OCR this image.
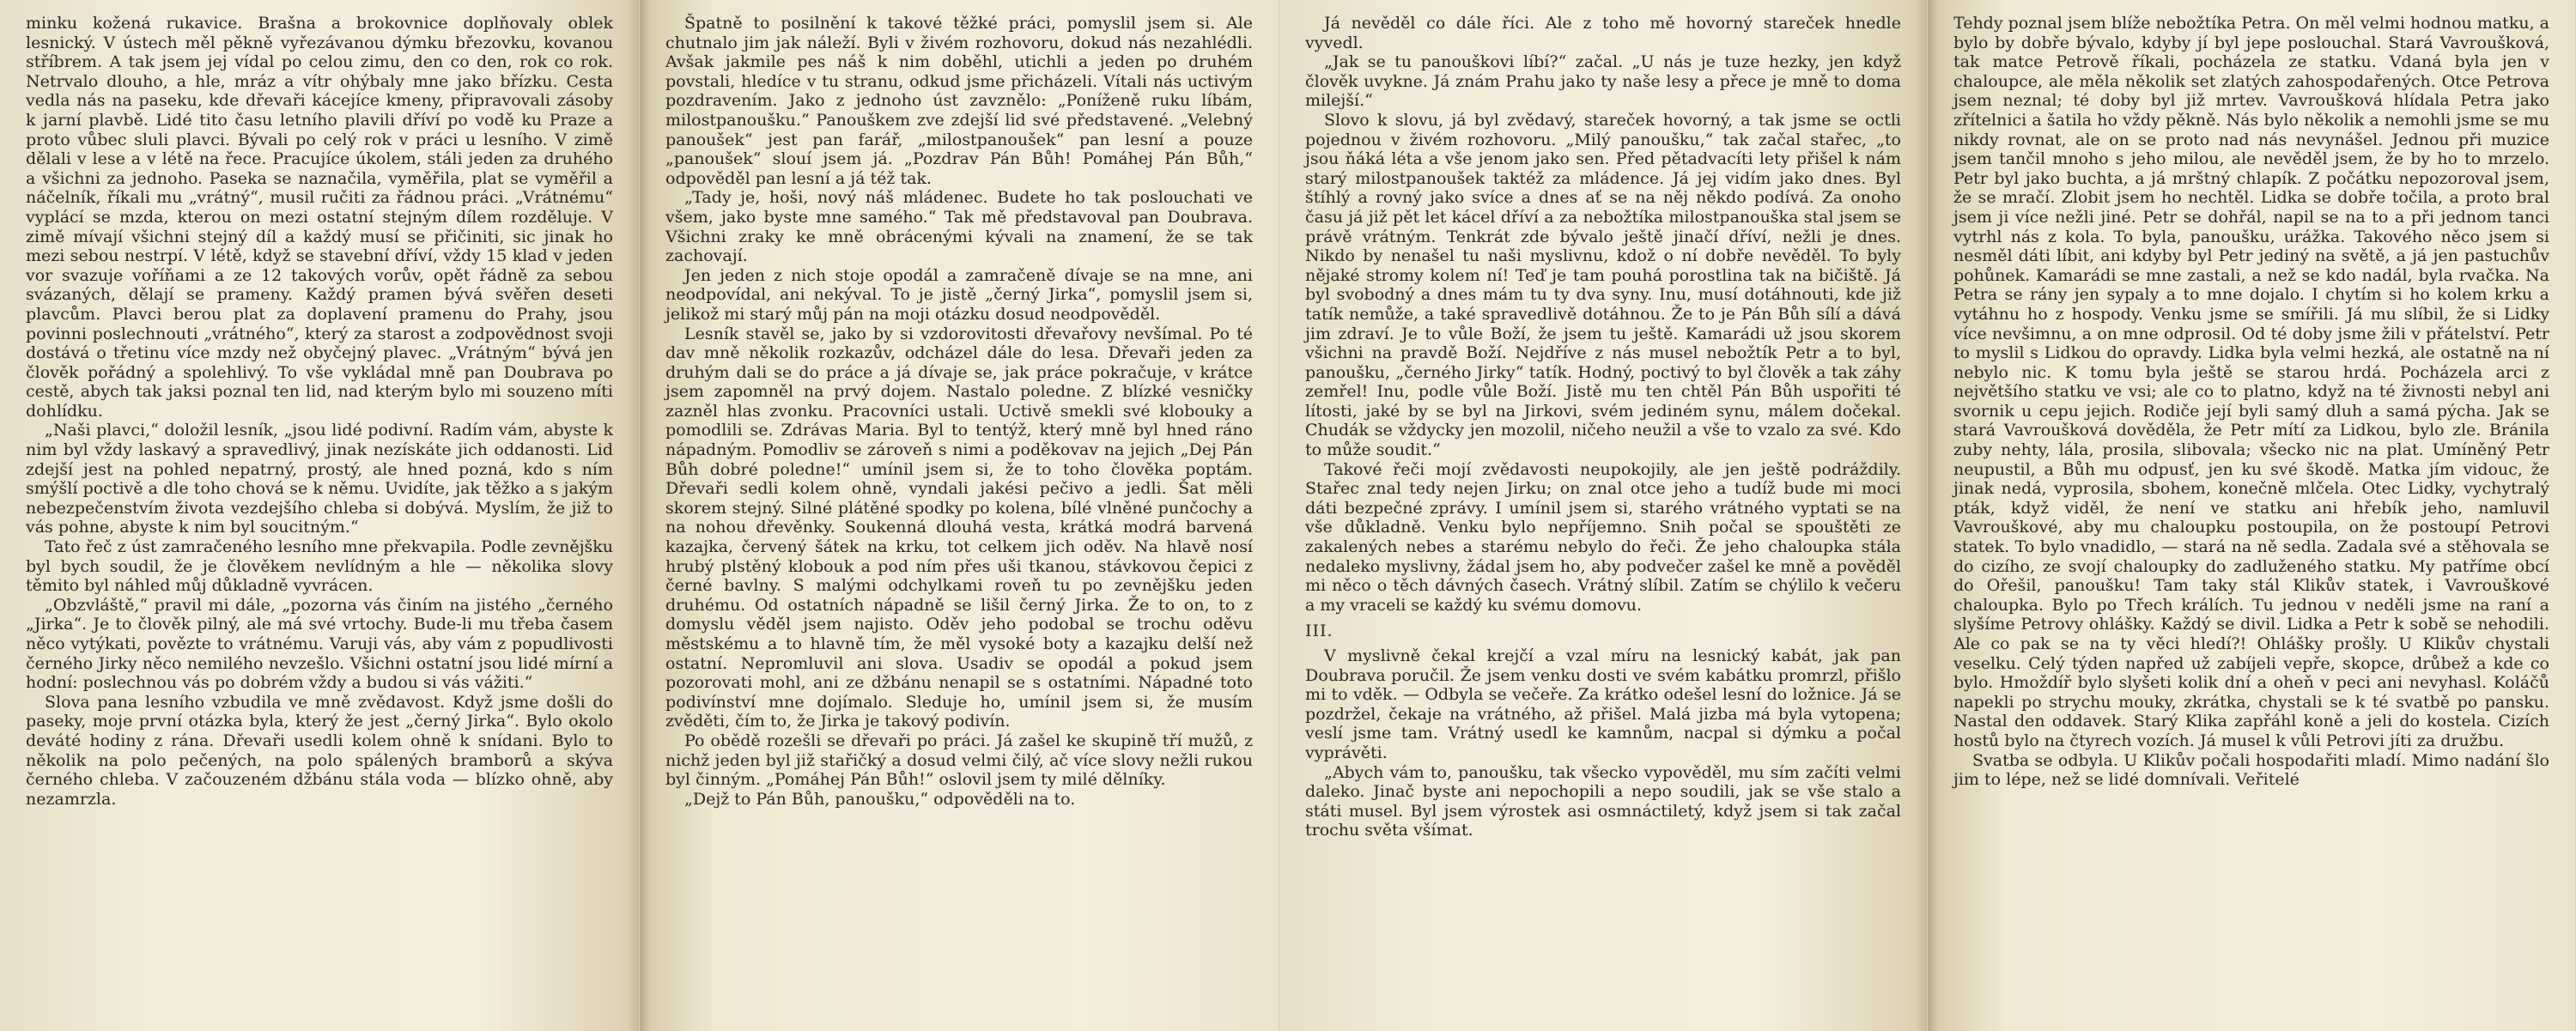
minku kožená rukavice. Brašna a brokovnice doplňovaly oblek lesnický. V ústech měl pěkně vyřezávanou dýmku březovku, kovanou stříbrem. A tak jsem jej vídal po celou zimu, den co den, rok co rok. Netrvalo dlouho, a hle, mráz a vítr ohýbaly mne jako břízku. Cesta vedla nás na paseku, kde dřevaři kácejíce kmeny, připravovali zásoby k jarní plavbě. Lidé tito času letního plavili dříví po vodě ku Praze a proto vůbec sluli plavci. Bývali po celý rok v práci u lesního. V zimě dělali v lese a v létě na řece. Pracujíce úkolem, stáli jeden za druhého a všichni za jednoho. Paseka se naznačila, vyměřila, plat se vyměřil a náčelník, říkali mu „vrátný“, musil ručiti za řádnou práci. „Vrátnému“ vyplácí se mzda, kterou on mezi ostatní stejným dílem rozděluje. V zimě mívají všichni stejný díl a každý musí se přičiniti, sic jinak ho mezi sebou nestrpí. V létě, když se stavební dříví, vždy 15 klad v jeden vor svazuje voříňami a ze 12 takových vorův, opět řádně za sebou svázaných, dělají se prameny. Každý pramen bývá svěřen deseti plavcům. Plavci berou plat za doplavení pramenu do Prahy, jsou povinni poslechnouti „vrátného“, který za starost a zodpovědnost svoji dostává o třetinu více mzdy než obyčejný plavec. „Vrátným“ bývá jen člověk pořádný a spolehlivý. To vše vykládal mně pan Doubrava po cestě, abych tak jaksi poznal ten lid, nad kterým bylo mi souzeno míti dohlídku.

„Naši plavci,“ doložil lesník, „jsou lidé podivní. Radím vám, abyste k nim byl vždy laskavý a spravedlivý, jinak nezískáte jich oddanosti. Lid zdejší jest na pohled nepatrný, prostý, ale hned pozná, kdo s ním smýšlí poctivě a dle toho chová se k němu. Uvidíte, jak těžko a s jakým nebezpečenstvím života vezdejšího chleba si dobývá. Myslím, že již to vás pohne, abyste k nim byl soucitným.“

Tato řeč z úst zamračeného lesního mne překvapila. Podle zevnějšku byl bych soudil, že je člověkem nevlídným a hle — několika slovy těmito byl náhled můj důkladně vyvrácen.

„Obzvláště,“ pravil mi dále, „pozorna vás činím na jistého „černého „Jirka“. Je to člověk pilný, ale má své vrtochy. Bude-li mu třeba časem něco vytýkati, povězte to vrátnému. Varuji vás, aby vám z popudlivosti černého Jirky něco nemilého nevzešlo. Všichni ostatní jsou lidé mírní a hodní: poslechnou vás po dobrém vždy a budou si vás vážiti.“

Slova pana lesního vzbudila ve mně zvědavost. Když jsme došli do paseky, moje první otázka byla, který že jest „černý Jirka“. Bylo okolo deváté hodiny z rána. Dřevaři usedli kolem ohně k snídani. Bylo to několik na polo pečených, na polo spálených bramborů a skývа černého chleba. V začouzeném džbánu stála voda — blízko ohně, aby nezamrzla.

Špatně to posilnění k takové těžké práci, pomyslil jsem si. Ale chutnalo jim jak náleží. Byli v živém rozhovoru, dokud nás nezahlédli. Avšak jakmile pes náš k nim doběhl, utichli a jeden po druhém povstali, hledíce v tu stranu, odkud jsme přicházeli. Vítali nás uctivým pozdravením. Jako z jednoho úst zavznělo: „Poníženě ruku líbám, milostpanoušku.“ Panouškem zve zdejší lid své představené. „Velebný panoušek“ jest pan farář, „milostpanoušek“ pan lesní a pouze „panoušek“ slouí jsem já. „Pozdrav Pán Bůh! Pomáhej Pán Bůh,“ odpověděl pan lesní a já též tak.

„Tady je, hoši, nový náš mládenec. Budete ho tak poslouchati ve všem, jako byste mne samého.“ Tak mě představoval pan Doubrava. Všichni zraky ke mně obrácenými kývali na znamení, že se tak zachovají.

Jen jeden z nich stoje opodál a zamračeně dívaje se na mne, ani neodpovídal, ani nekýval. To je jistě „černý Jirka“, pomyslil jsem si, jelikož mi starý můj pán na moji otázku dosud neodpověděl.

Lesník stavěl se, jako by si vzdorovitosti dřevařovy nevšímal. Po té dav mně několik rozkazův, odcházel dále do lesa. Dřevaři jeden za druhým dali se do práce a já dívaje se, jak práce pokračuje, v krátce jsem zapomněl na prvý dojem. Nastalo poledne. Z blízké vesničky zazněl hlas zvonku. Pracovníci ustali. Uctivě smekli své klobouky a pomodlili se. Zdrávas Maria. Byl to tentýž, který mně byl hned ráno nápadným. Pomodliv se zároveň s nimi a poděkovav na jejich „Dej Pán Bůh dobré poledne!“ umínil jsem si, že to toho člověka poptám. Dřevaři sedli kolem ohně, vyndali jakési pečivo a jedli. Šat měli skorem stejný. Silné plátěné spodky po kolena, bílé vlněné punčochy a na nohou dřevěnky. Soukenná dlouhá vesta, krátká modrá barvená kazajka, červený šátek na krku, tot celkem jich oděv. Na hlavě nosí hrubý plstěný klobouk a pod ním přes uši tkanou, stávkovou čepici z černé bavlny. S malými odchylkami roveň tu po zevnějšku jeden druhému. Od ostatních nápadně se lišil černý Jirka. Že to on, to z domyslu věděl jsem najisto. Oděv jeho podobal se trochu oděvu městskému a to hlavně tím, že měl vysoké boty a kazajku delší než ostatní. Nepromluvil ani slova. Usadiv se opodál a pokud jsem pozorovati mohl, ani ze džbánu nenapil se s ostatními. Nápadné toto podivínství mne dojímalo. Sleduje ho, umínil jsem si, že musím zvěděti, čím to, že Jirka je takový podivín.

Po obědě rozešli se dřevaři po práci. Já zašel ke skupině tří mužů, z nichž jeden byl již stařičký a dosud velmi čilý, ač více slovy nežli rukou byl činným. „Pomáhej Pán Bůh!“ oslovil jsem ty milé dělníky.

„Dejž to Pán Bůh, panoušku,“ odpověděli na to.

Já nevěděl co dále říci. Ale z toho mě hovorný stareček hnedle vyvedl.

„Jak se tu panouškovi líbí?“ začal. „U nás je tuze hezky, jen když člověk uvykne. Já znám Prahu jako ty naše lesy a přece je mně to doma milejší.“

Slovo k slovu, já byl zvědavý, stareček hovorný, a tak jsme se octli pojednou v živém rozhovoru. „Milý panoušku,“ tak začal stařec, „to jsou ňáká léta a vše jenom jako sen. Před pětadvacíti lety přišel k nám starý milostpanoušek taktéž za mládence. Já jej vidím jako dnes. Byl štíhlý a rovný jako svíce a dnes ať se na něj někdo podívá. Za onoho času já již pět let kácel dříví a za nebožtíka milostpanouška stal jsem se právě vrátným. Tenkrát zde bývalo ještě jinačí dříví, nežli je dnes. Nikdo by nenašel tu naši myslivnu, kdož o ní dobře nevěděl. To byly nějaké stromy kolem ní! Teď je tam pouhá porostlina tak na bičiště. Já byl svobodný a dnes mám tu ty dva syny. Inu, musí dotáhnouti, kde již tatík nemůže, a také spravedlivě dotáhnou. Že to je Pán Bůh sílí a dává jim zdraví. Je to vůle Boží, že jsem tu ještě. Kamarádi už jsou skorem všichni na pravdě Boží. Nejdříve z nás musel nebožtík Petr a to byl, panoušku, „černého Jirky“ tatík. Hodný, poctivý to byl člověk a tak záhy zemřel! Inu, podle vůle Boží. Jistě mu ten chtěl Pán Bůh uspořiti té lítosti, jaké by se byl na Jirkovi, svém jediném synu, málem dočekal. Chudák se vždycky jen mozolil, ničeho neužil a vše to vzalo za své. Kdo to může soudit.“

Takové řeči mojí zvědavosti neupokojily, ale jen ještě podráždily. Stařec znal tedy nejen Jirku; on znal otce jeho a tudíž bude mi moci dáti bezpečné zprávy. I umínil jsem si, starého vrátného vyptati se na vše důkladně. Venku bylo nepříjemno. Snih počal se spouštěti ze zakalených nebes a starému nebylo do řeči. Že jeho chaloupka stála nedaleko myslivny, žádal jsem ho, aby podvečer zašel ke mně a pověděl mi něco o těch dávných časech. Vrátný slíbil. Zatím se chýlilo k večeru a my vraceli se každý ku svému domovu.

III.

V myslivně čekal krejčí a vzal míru na lesnický kabát, jak pan Doubrava poručil. Že jsem venku dosti ve svém kabátku promrzl, přišlo mi to vděk. — Odbyla se večeře. Za krátko odešel lesní do ložnice. Já se pozdržel, čekaje na vrátného, až přišel. Malá jizba má byla vytopena; veslí jsme tam. Vrátný usedl ke kamnům, nacpal si dýmku a počal vyprávěti.

„Abych vám to, panoušku, tak všecko vypověděl, mu sím začíti velmi daleko. Jinač byste ani nepochopili a nepo soudili, jak se vše stalo a státi musel. Byl jsem výrostek asi osmnáctiletý, když jsem si tak začal trochu světa všímat.

Tehdy poznal jsem blíže nebožtíka Petra. On měl velmi hodnou matku, a bylo by dobře bývalo, kdyby jí byl jepe poslouchal. Stará Vavroušková, tak matce Petrově říkali, pocházela ze statku. Vdaná byla jen v chaloupce, ale měla několik set zlatých zahospodařených. Otce Petrova jsem neznal; té doby byl již mrtev. Vavroušková hlídala Petra jako zřítelnici a šatila ho vždy pěkně. Nás bylo několik a nemohli jsme se mu nikdy rovnat, ale on se proto nad nás nevynášel. Jednou při muzice jsem tančil mnoho s jeho milou, ale nevěděl jsem, že by ho to mrzelo. Petr byl jako buchta, a já mrštný chlapík. Z počátku nepozoroval jsem, že se mračí. Zlobit jsem ho nechtěl. Lidka se dobře točila, a proto bral jsem ji více nežli jiné. Petr se dohřál, napil se na to a při jednom tanci vytrhl nás z kola. To byla, panoušku, urážka. Takového něco jsem si nesměl dáti líbit, ani kdyby byl Petr jediný na světě, a já jen pastuchův pohůnek. Kamarádi se mne zastali, a než se kdo nadál, byla rvačka. Na Petra se rány jen sypaly a to mne dojalo. I chytím si ho kolem krku a vytáhnu ho z hospody. Venku jsme se smířili. Já mu slíbil, že si Lidky více nevšimnu, a on mne odprosil. Od té doby jsme žili v přátelství. Petr to myslil s Lidkou do opravdy. Lidka byla velmi hezká, ale ostatně na ní nebylo nic. K tomu byla ještě se starou hrdá. Pocházela arci z největšího statku ve vsi; ale co to platno, když na té živnosti nebyl ani svornik u cepu jejich. Rodiče její byli samý dluh a samá pýcha. Jak se stará Vavroušková dověděla, že Petr mítí za Lidkou, bylo zle. Bránila zuby nehty, lála, prosila, slibovala; všecko nic na plat. Umíněný Petr neupustil, a Bůh mu odpusť, jen ku své škodě. Matka jím vidouc, že jinak nedá, vyprosila, sbohem, konečně mlčela. Otec Lidky, vychytralý pták, když viděl, že není ve statku ani hřebík jeho, namluvil Vavrouškové, aby mu chaloupku postoupila, on že postoupí Petrovi statek. To bylo vnadidlo, — stará na ně sedla. Zadala své a stěhovala se do cizího, ze svojí chaloupky do zadluženého statku. My patříme obcí do Ořešil, panoušku! Tam taky stál Klikův statek, i Vavrouškové chaloupka. Bylo po Třech králích. Tu jednou v neděli jsme na raní a slyšíme Petrovy ohlášky. Každý se divil. Lidka a Petr k sobě se nehodili. Ale co pak se na ty věci hledí?! Ohlášky prošly. U Klikův chystali veselku. Celý týden napřed už zabíjeli vepře, skopce, drůbež a kde co bylo. Hmoždíř bylo slyšeti kolik dní a oheň v peci ani nevyhasl. Koláčů napekli po strychu mouky, zkrátka, chystali se k té svatbě po pansku. Nastal den oddavek. Starý Klika zapřáhl koně a jeli do kostela. Cizích hostů bylo na čtyrech vozích. Já musel k vůli Petrovi jíti za družbu.

Svatba se odbyla. U Klikův počali hospodařiti mladí. Mimo nadání šlo jim to lépe, než se lidé domnívali. Veřitelé
